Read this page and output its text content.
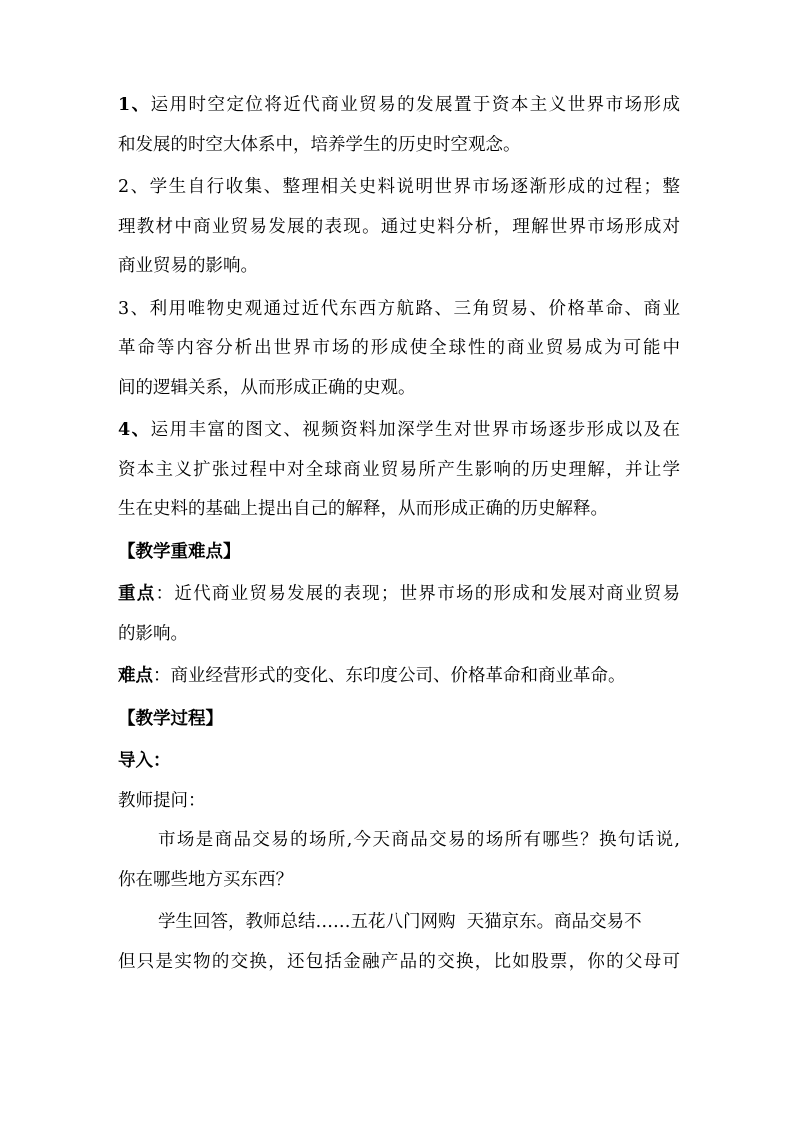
1、运用时空定位将近代商业贸易的发展置于资本主义世界市场形成
和发展的时空大体系中，培养学生的历史时空观念。
2、学生自行收集、整理相关史料说明世界市场逐渐形成的过程；整
理教材中商业贸易发展的表现。通过史料分析，理解世界市场形成对
商业贸易的影响。
3、利用唯物史观通过近代东西方航路、三角贸易、价格革命、商业
革命等内容分析出世界市场的形成使全球性的商业贸易成为可能中
间的逻辑关系，从而形成正确的史观。
4、运用丰富的图文、视频资料加深学生对世界市场逐步形成以及在
资本主义扩张过程中对全球商业贸易所产生影响的历史理解，并让学
生在史料的基础上提出自己的解释，从而形成正确的历史解释。
【教学重难点】
重点：近代商业贸易发展的表现；世界市场的形成和发展对商业贸易
的影响。
难点：商业经营形式的变化、东印度公司、价格革命和商业革命。
【教学过程】
导入：
教师提问：
市场是商品交易的场所,今天商品交易的场所有哪些？换句话说,
你在哪些地方买东西？
学生回答，教师总结……五花八门网购 天猫京东。商品交易不
但只是实物的交换，还包括金融产品的交换，比如股票，你的父母可
